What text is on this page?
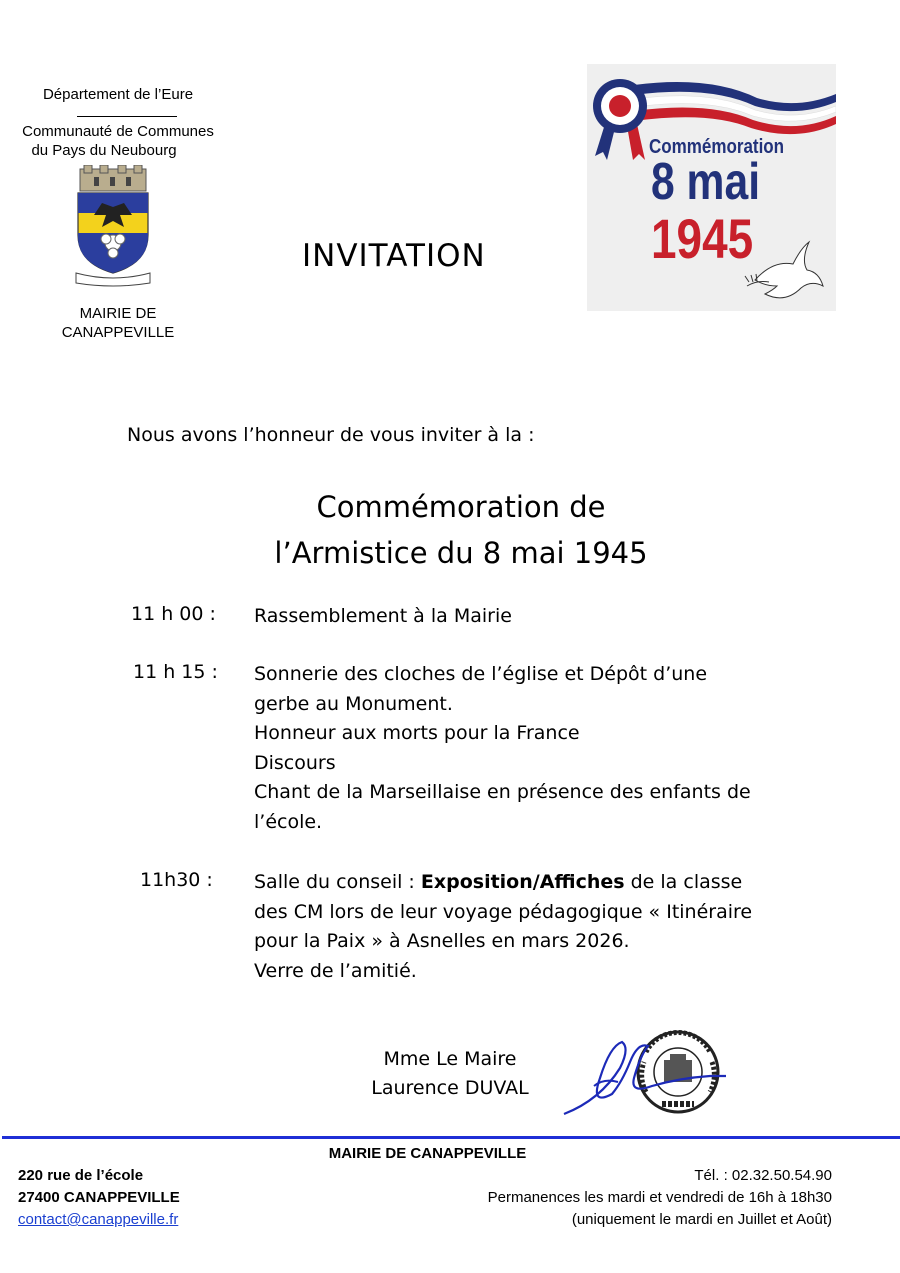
Département de l’Eure
Communauté de Communes
du Pays du Neubourg
MAIRIE DE
CANAPPEVILLE
INVITATION
Commémoration
8 mai
1945
Nous avons l’honneur de vous inviter à la :
Commémoration de
l’Armistice du 8 mai 1945
11 h 00 : Rassemblement à la Mairie
11 h 15 : Sonnerie des cloches de l’église et Dépôt d’une
gerbe au Monument.
Honneur aux morts pour la France
Discours
Chant de la Marseillaise en présence des enfants de
l’école.
11h30 : Salle du conseil : Exposition/Affiches de la classe
des CM lors de leur voyage pédagogique « Itinéraire
pour la Paix » à Asnelles en mars 2026.
Verre de l’amitié.
Mme Le Maire
Laurence DUVAL
MAIRIE DE CANAPPEVILLE
220 rue de l’école
27400 CANAPPEVILLE
contact@canappeville.fr
Tél. : 02.32.50.54.90
Permanences les mardi et vendredi de 16h à 18h30
(uniquement le mardi en Juillet et Août)
